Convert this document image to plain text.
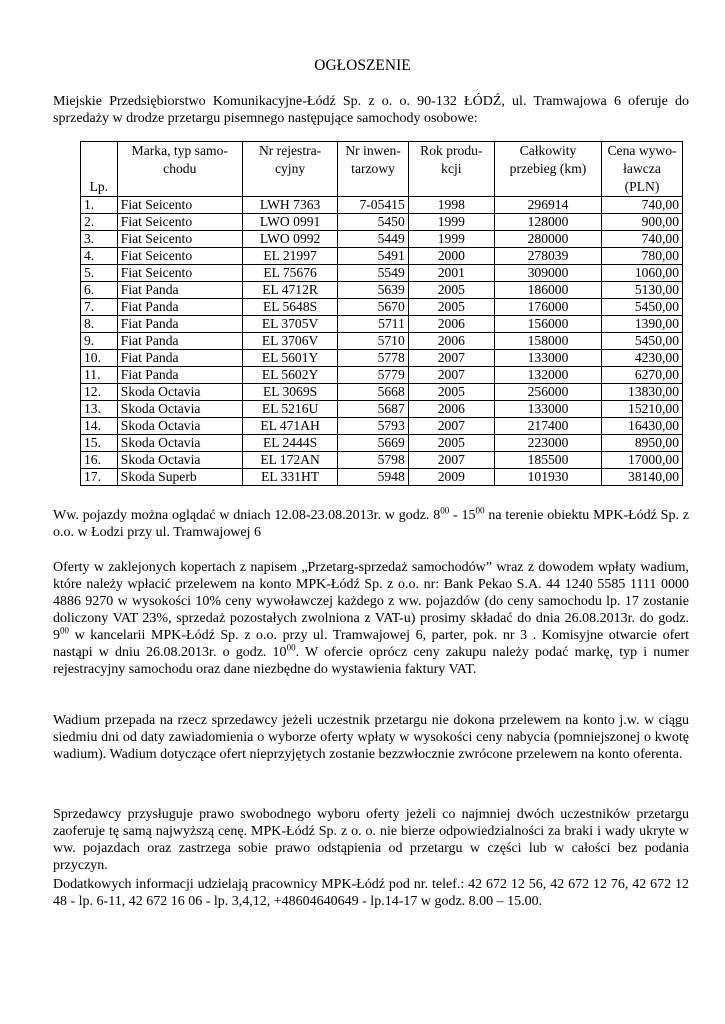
OGŁOSZENIE
Miejskie Przedsiębiorstwo Komunikacyjne-Łódź Sp. z o. o. 90-132 ŁÓDŹ, ul. Tramwajowa 6 oferuje do sprzedaży w drodze przetargu pisemnego następujące samochody osobowe:
Lp.	Marka, typ samo-chodu	Nr rejestra-cyjny	Nr inwen-tarzowy	Rok produ-kcji	Całkowity przebieg (km)	Cena wywo-ławcza (PLN)
1.	Fiat Seicento	LWH 7363	7-05415	1998	296914	740,00
2.	Fiat Seicento	LWO 0991	5450	1999	128000	900,00
3.	Fiat Seicento	LWO 0992	5449	1999	280000	740,00
4.	Fiat Seicento	EL 21997	5491	2000	278039	780,00
5.	Fiat Seicento	EL 75676	5549	2001	309000	1060,00
6.	Fiat Panda	EL 4712R	5639	2005	186000	5130,00
7.	Fiat Panda	EL 5648S	5670	2005	176000	5450,00
8.	Fiat Panda	EL 3705V	5711	2006	156000	1390,00
9.	Fiat Panda	EL 3706V	5710	2006	158000	5450,00
10.	Fiat Panda	EL 5601Y	5778	2007	133000	4230,00
11.	Fiat Panda	EL 5602Y	5779	2007	132000	6270,00
12.	Skoda Octavia	EL 3069S	5668	2005	256000	13830,00
13.	Skoda Octavia	EL 5216U	5687	2006	133000	15210,00
14.	Skoda Octavia	EL 471AH	5793	2007	217400	16430,00
15.	Skoda Octavia	EL 2444S	5669	2005	223000	8950,00
16.	Skoda Octavia	EL 172AN	5798	2007	185500	17000,00
17.	Skoda Superb	EL 331HT	5948	2009	101930	38140,00
Ww. pojazdy można oglądać w dniach 12.08-23.08.2013r. w godz. $8^{00} - 15^{00}$ na terenie obiektu MPK-Łódź Sp. z o.o. w Łodzi przy ul. Tramwajowej 6
Oferty w zaklejonych kopertach z napisem „Przetarg-sprzedaż samochodów” wraz z dowodem wpłaty wadium, które należy wpłacić przelewem na konto MPK-Łódź Sp. z o.o. nr: Bank Pekao S.A. 44 1240 5585 1111 0000 4886 9270 w wysokości 10% ceny wywoławczej każdego z ww. pojazdów (do ceny samochodu lp. 17 zostanie doliczony VAT 23%, sprzedaż pozostałych zwolniona z VAT-u) prosimy składać do dnia 26.08.2013r. do godz. $9^{00}$ w kancelarii MPK-Łódź Sp. z o.o. przy ul. Tramwajowej 6, parter, pok. nr 3 . Komisyjne otwarcie ofert nastąpi w dniu 26.08.2013r. o godz. $10^{00}$. W ofercie oprócz ceny zakupu należy podać markę, typ i numer rejestracyjny samochodu oraz dane niezbędne do wystawienia faktury VAT.
Wadium przepada na rzecz sprzedawcy jeżeli uczestnik przetargu nie dokona przelewem na konto j.w. w ciągu siedmiu dni od daty zawiadomienia o wyborze oferty wpłaty w wysokości ceny nabycia (pomniejszonej o kwotę wadium). Wadium dotyczące ofert nieprzyjętych zostanie bezzwłocznie zwrócone przelewem na konto oferenta.
Sprzedawcy przysługuje prawo swobodnego wyboru oferty jeżeli co najmniej dwóch uczestników przetargu zaoferuje tę samą najwyższą cenę. MPK-Łódź Sp. z o. o. nie bierze odpowiedzialności za braki i wady ukryte w ww. pojazdach oraz zastrzega sobie prawo odstąpienia od przetargu w części lub w całości bez podania przyczyn.
Dodatkowych informacji udzielają pracownicy MPK-Łódź pod nr. telef.: 42 672 12 56, 42 672 12 76, 42 672 12 48 - lp. 6-11, 42 672 16 06 - lp. 3,4,12, +48604640649 - lp.14-17 w godz. 8.00 – 15.00.
